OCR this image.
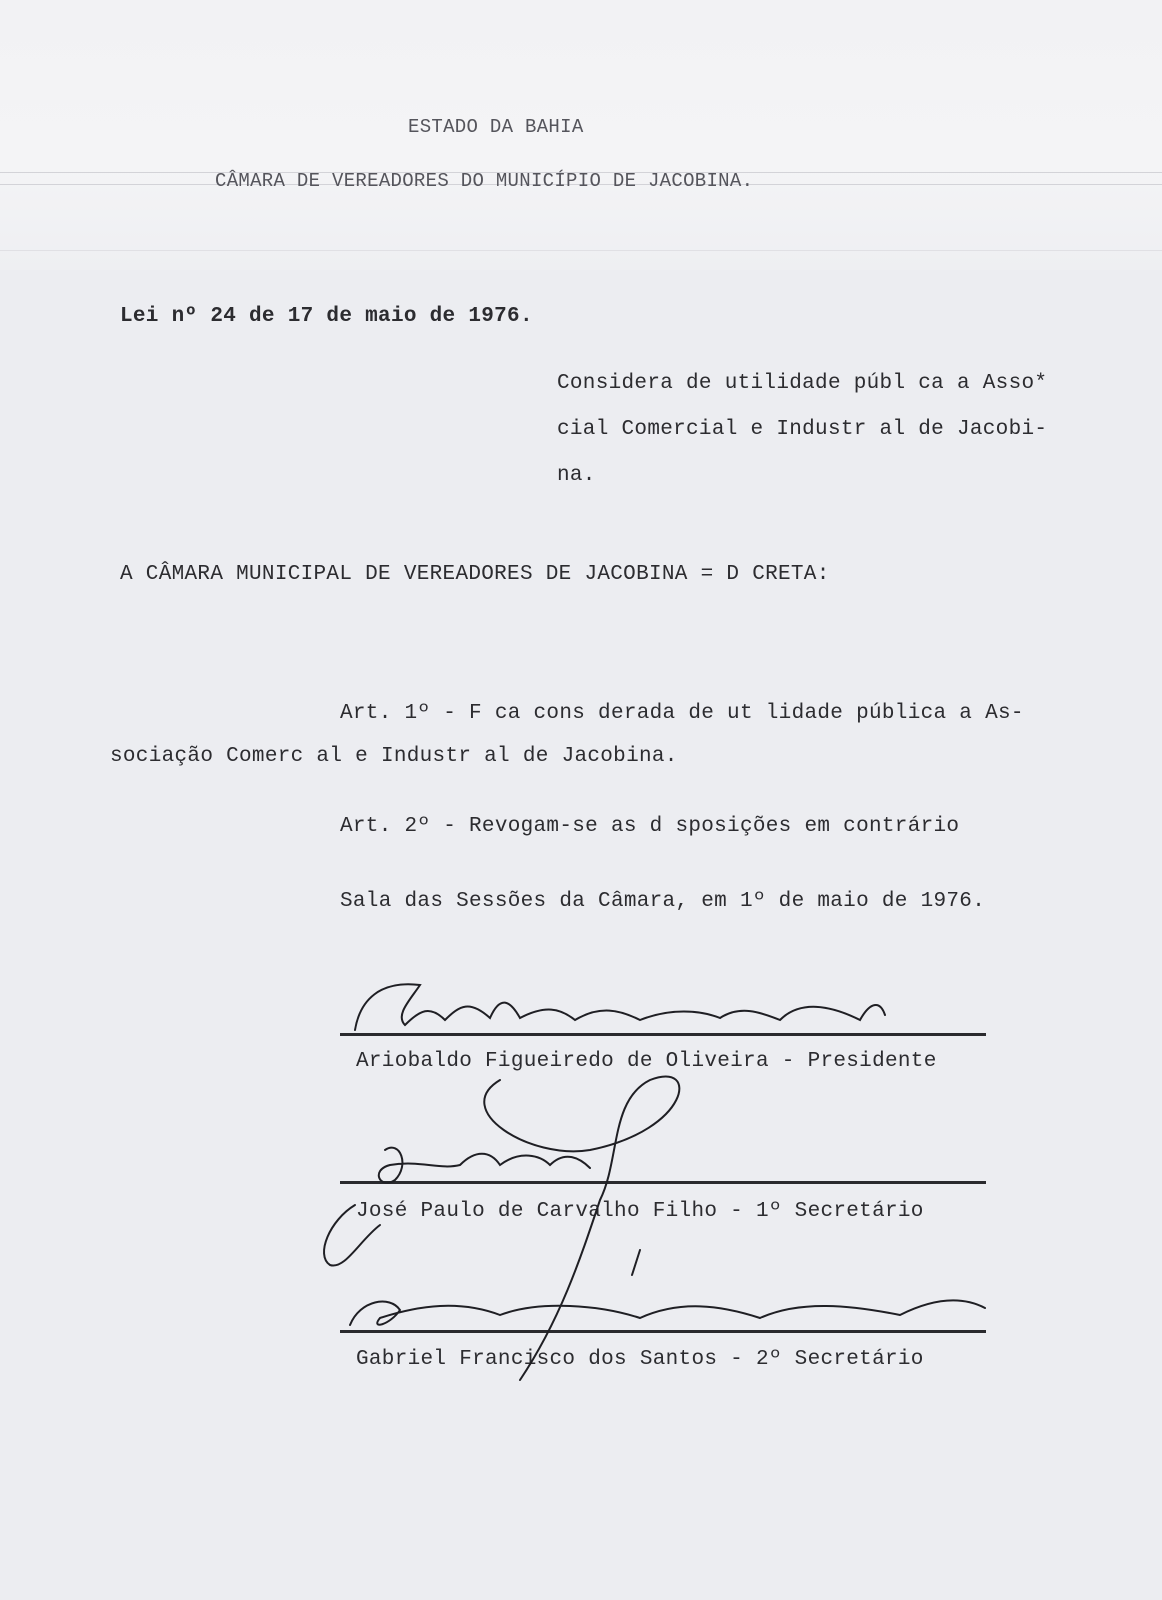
ESTADO DA BAHIA
CÂMARA DE VEREADORES DO MUNICÍPIO DE JACOBINA.
Lei nº 24 de 17 de maio de 1976.
Considera de utilidade públ ca a Asso*
cial Comercial e Industr al de Jacobi-
na.
A CÂMARA MUNICIPAL DE VEREADORES DE JACOBINA = D CRETA:
Art. 1º - F ca cons derada de ut lidade pública a As-
sociação Comerc al e Industr al de Jacobina.
Art. 2º - Revogam-se as d sposições em contrário
Sala das Sessões da Câmara, em 1º de maio de 1976.
Ariobaldo Figueiredo de Oliveira - Presidente
José Paulo de Carvalho Filho - 1º Secretário
Gabriel Francisco dos Santos - 2º Secretário
